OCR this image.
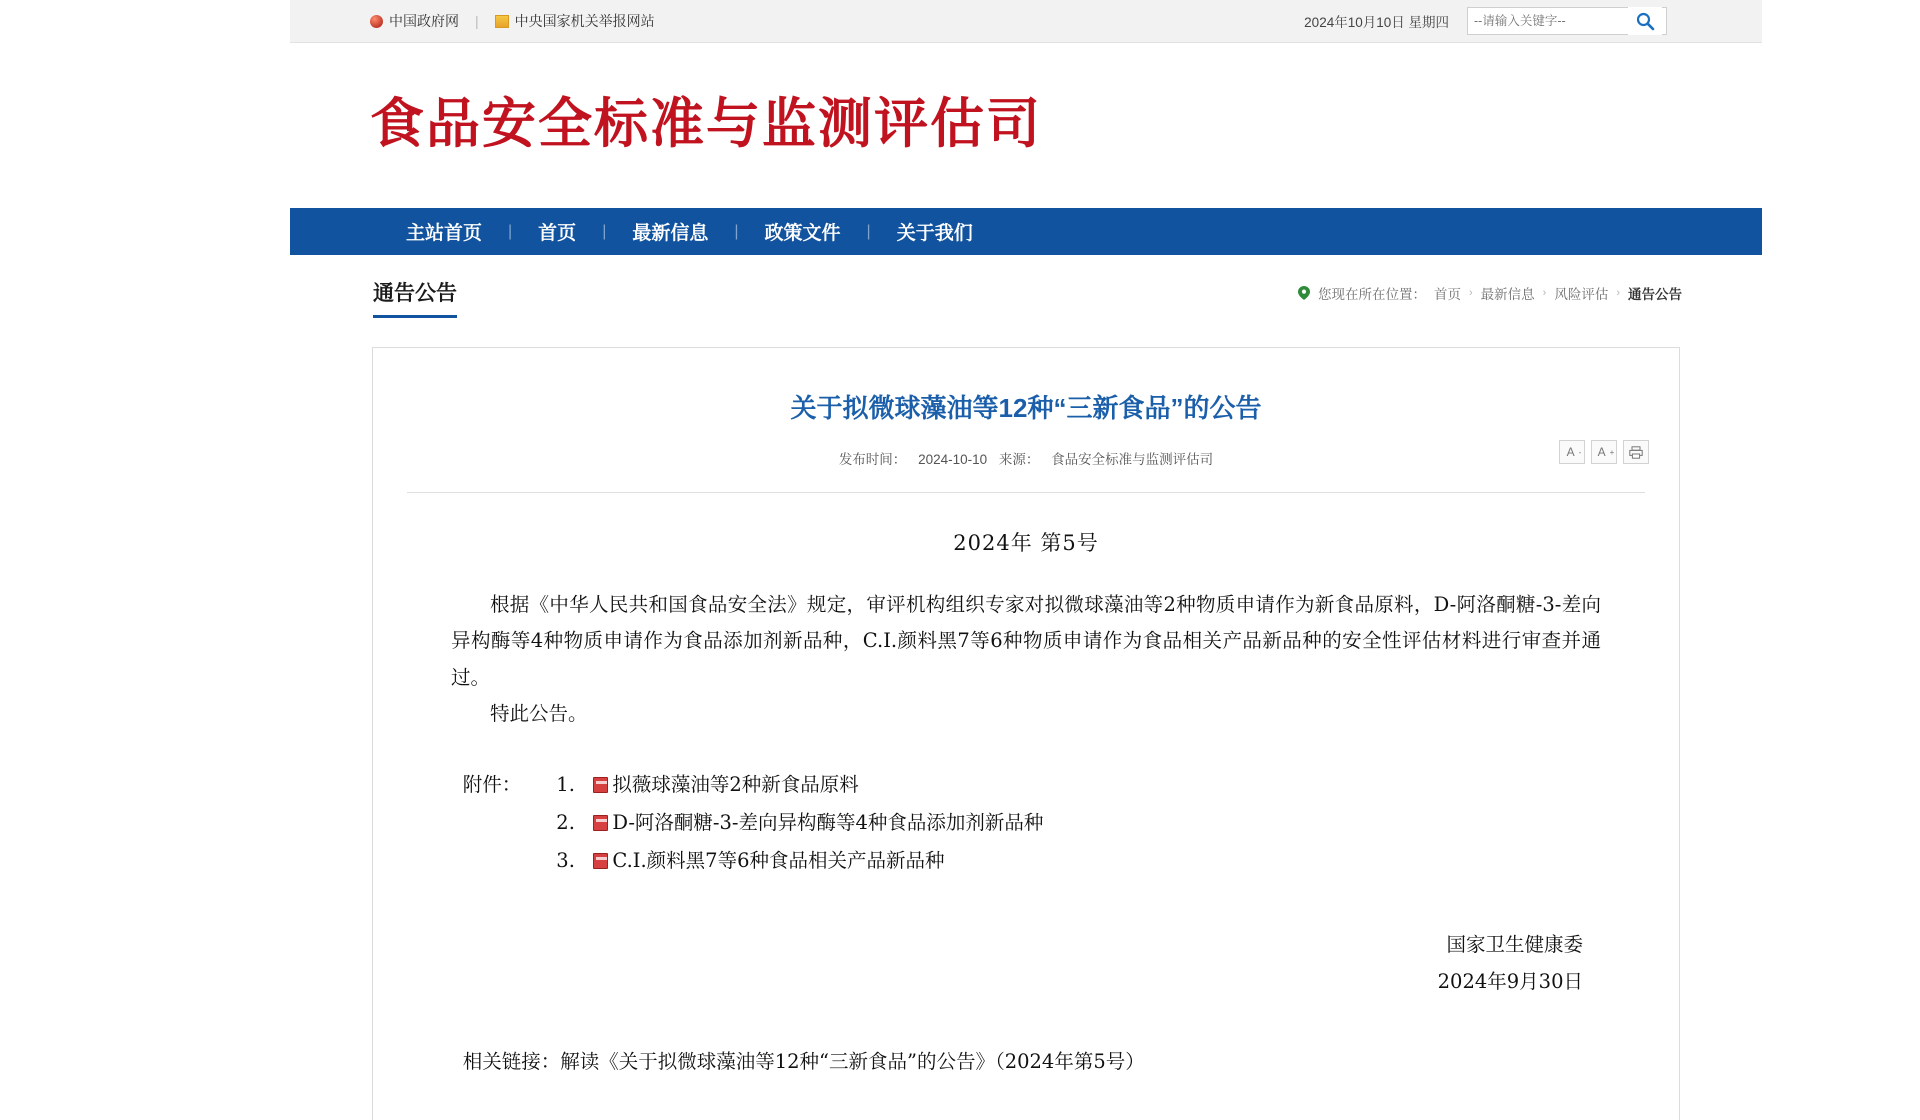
中国政府网 |	中央国家机关举报网站	2024年10月10日 星期四
--请输入关键字--
食品安全标准与监测评估司
主站首页	|	首页	|	最新信息	|	政策文件	|	关于我们
通告公告	您现在所在位置： 首页 › 最新信息 › 风险评估 › 通告公告
关于拟微球藻油等12种“三新食品”的公告
发布时间： 2024-10-10 来源： 食品安全标准与监测评估司	A - A +
2024年 第5号

根据《中华人民共和国食品安全法》规定，审评机构组织专家对拟微球藻油等2种物质申请作为新食品原料，D-阿洛酮糖-3-差向异构酶等4种物质申请作为食品添加剂新品种，C.I.颜料黑7等6种物质申请作为食品相关产品新品种的安全性评估材料进行审查并通过。

特此公告。

附件：	1.	拟薇球藻油等2种新食品原料
2.	D-阿洛酮糖-3-差向异构酶等4种食品添加剂新品种
3.	C.I.颜料黑7等6种食品相关产品新品种
国家卫生健康委
2024年9月30日
相关链接：解读《关于拟微球藻油等12种“三新食品”的公告》（2024年第5号）
